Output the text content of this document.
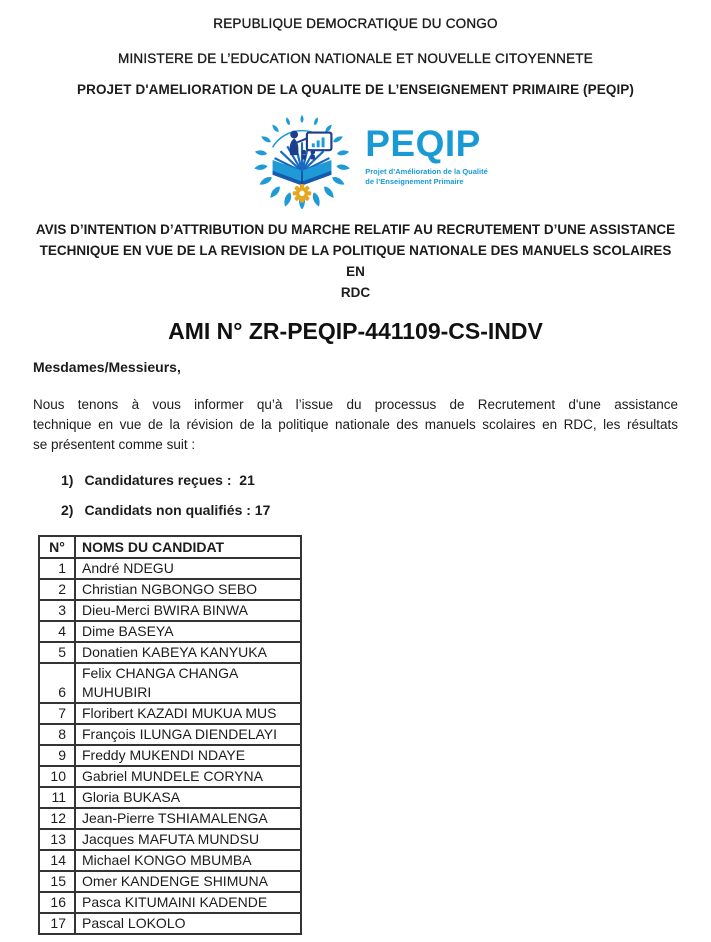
REPUBLIQUE DEMOCRATIQUE DU CONGO

MINISTERE DE L’EDUCATION NATIONALE ET NOUVELLE CITOYENNETE

PROJET D'AMELIORATION DE LA QUALITE DE L’ENSEIGNEMENT PRIMAIRE (PEQIP)

PEQIP
Projet d’Amélioration de la Qualité
de l’Enseignement Primaire

AVIS D’INTENTION D’ATTRIBUTION DU MARCHE RELATIF AU RECRUTEMENT D’UNE ASSISTANCE
TECHNIQUE EN VUE DE LA REVISION DE LA POLITIQUE NATIONALE DES MANUELS SCOLAIRES EN
RDC

AMI N° ZR-PEQIP-441109-CS-INDV

Mesdames/Messieurs,

Nous tenons à vous informer qu’à l’issue du processus de Recrutement d'une assistance
technique en vue de la révision de la politique nationale des manuels scolaires en RDC, les résultats
se présentent comme suit :
1) Candidatures reçues :  21
2) Candidats non qualifiés : 17
N°	NOMS DU CANDIDAT
1	André NDEGU
2	Christian NGBONGO SEBO
3	Dieu-Merci BWIRA BINWA
4	Dime BASEYA
5	Donatien KABEYA KANYUKA
6	Felix CHANGA CHANGA MUHUBIRI
7	Floribert KAZADI MUKUA MUS
8	François ILUNGA DIENDELAYI
9	Freddy MUKENDI NDAYE
10	Gabriel MUNDELE CORYNA
11	Gloria BUKASA
12	Jean-Pierre TSHIAMALENGA
13	Jacques MAFUTA MUNDSU
14	Michael KONGO MBUMBA
15	Omer KANDENGE SHIMUNA
16	Pasca KITUMAINI KADENDE
17	Pascal LOKOLO
